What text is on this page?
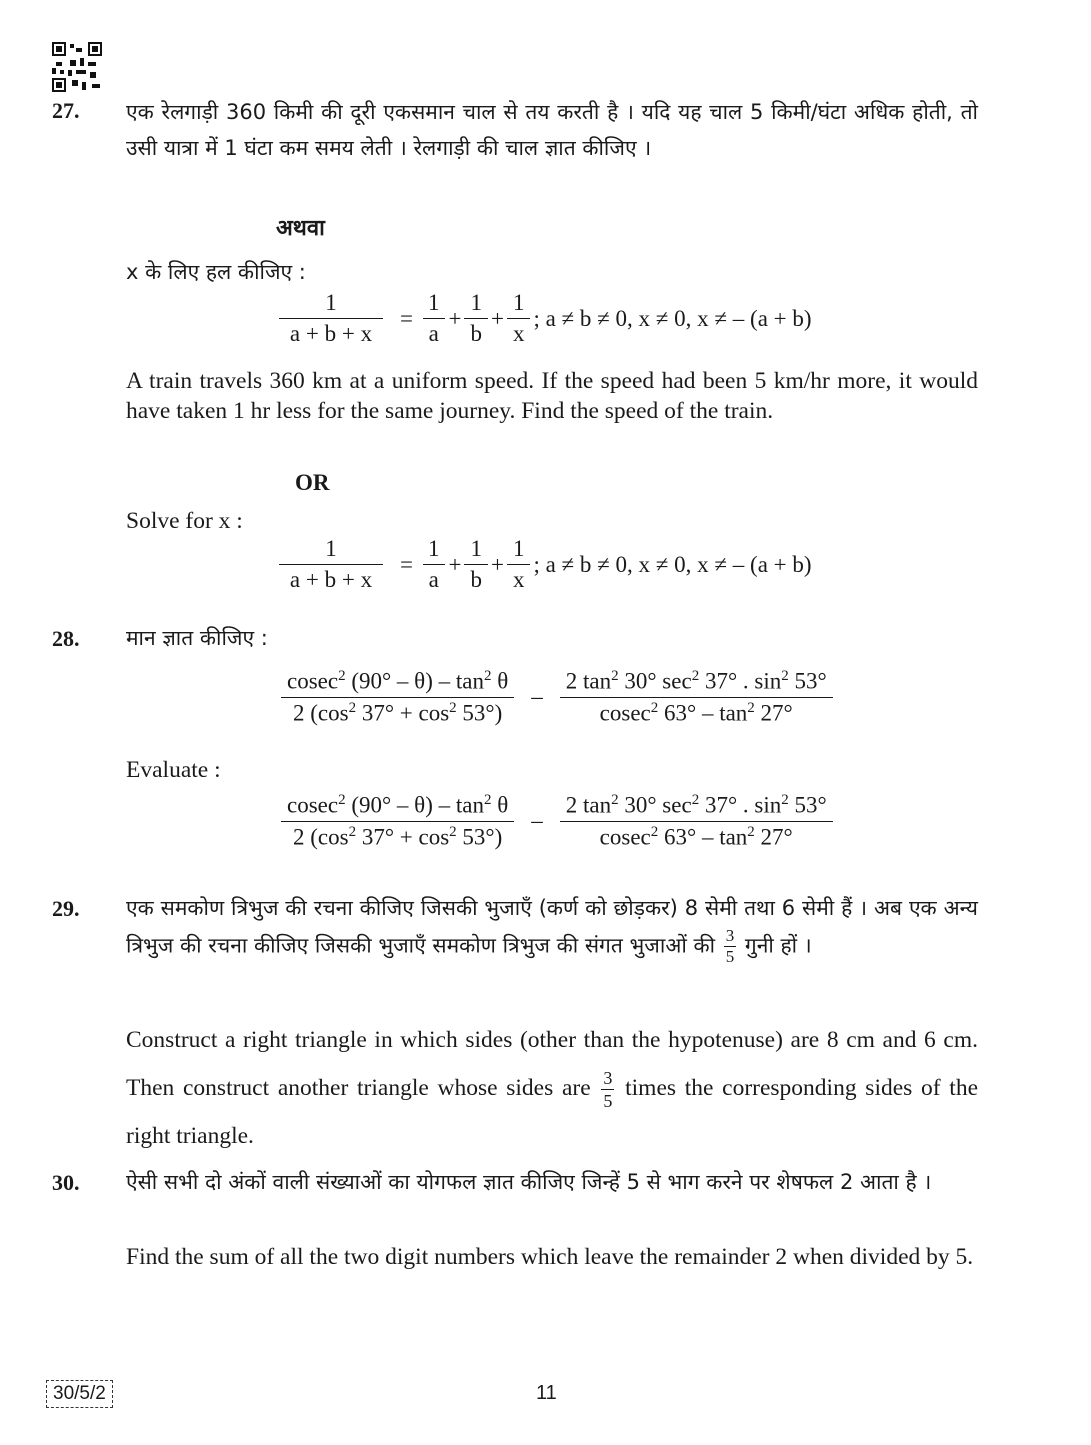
27. एक रेलगाड़ी 360 किमी की दूरी एकसमान चाल से तय करती है । यदि यह चाल 5 किमी/घंटा अधिक होती, तो उसी यात्रा में 1 घंटा कम समय लेती । रेलगाड़ी की चाल ज्ञात कीजिए ।
अथवा
x के लिए हल कीजिए :
$\frac{1}{a + b + x} = \frac{1}{a} + \frac{1}{b} + \frac{1}{x}$ ; a ≠ b ≠ 0, x ≠ 0, x ≠ – (a + b)
A train travels 360 km at a uniform speed. If the speed had been 5 km/hr more, it would have taken 1 hr less for the same journey. Find the speed of the train.
OR
Solve for x :
$\frac{1}{a + b + x} = \frac{1}{a} + \frac{1}{b} + \frac{1}{x}$ ; a ≠ b ≠ 0, x ≠ 0, x ≠ – (a + b)
28. मान ज्ञात कीजिए :
$\frac{cosec^2 (90^\circ - \theta) - \tan^2 \theta}{2 (\cos^2 37^\circ + \cos^2 53^\circ)} - \frac{2 \tan^2 30^\circ \sec^2 37^\circ . \sin^2 53^\circ}{cosec^2 63^\circ - \tan^2 27^\circ}$
Evaluate :
$\frac{cosec^2 (90^\circ - \theta) - \tan^2 \theta}{2 (\cos^2 37^\circ + \cos^2 53^\circ)} - \frac{2 \tan^2 30^\circ \sec^2 37^\circ . \sin^2 53^\circ}{cosec^2 63^\circ - \tan^2 27^\circ}$
29. एक समकोण त्रिभुज की रचना कीजिए जिसकी भुजाएँ (कर्ण को छोड़कर) 8 सेमी तथा 6 सेमी हैं । अब एक अन्य त्रिभुज की रचना कीजिए जिसकी भुजाएँ समकोण त्रिभुज की संगत भुजाओं की $\frac{3}{5}$ गुनी हों ।
Construct a right triangle in which sides (other than the hypotenuse) are 8 cm and 6 cm. Then construct another triangle whose sides are $\frac{3}{5}$ times the corresponding sides of the right triangle.
30. ऐसी सभी दो अंकों वाली संख्याओं का योगफल ज्ञात कीजिए जिन्हें 5 से भाग करने पर शेषफल 2 आता है ।
Find the sum of all the two digit numbers which leave the remainder 2 when divided by 5.
30/5/2	11
